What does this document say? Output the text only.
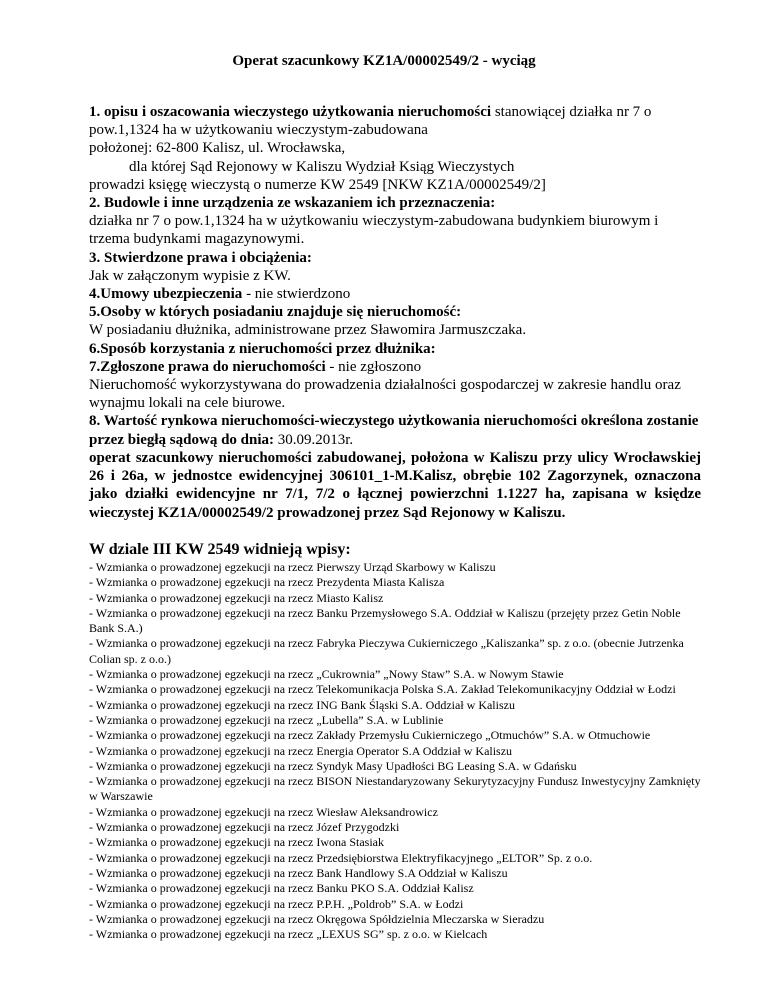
Operat szacunkowy KZ1A/00002549/2 - wyciąg
1. opisu i oszacowania wieczystego użytkowania nieruchomości stanowiącej działka nr 7 o
pow.1,1324 ha w użytkowaniu wieczystym-zabudowana
położonej: 62-800 Kalisz, ul. Wrocławska,
dla której Sąd Rejonowy w Kaliszu Wydział Ksiąg Wieczystych
prowadzi księgę wieczystą o numerze KW 2549 [NKW KZ1A/00002549/2]
2. Budowle i inne urządzenia ze wskazaniem ich przeznaczenia:
działka nr 7 o pow.1,1324 ha w użytkowaniu wieczystym-zabudowana budynkiem biurowym i
trzema budynkami magazynowymi.
3. Stwierdzone prawa i obciążenia:
Jak w załączonym wypisie z KW.
4.Umowy ubezpieczenia - nie stwierdzono
5.Osoby w których posiadaniu znajduje się nieruchomość:
W posiadaniu dłużnika, administrowane przez Sławomira Jarmuszczaka.
6.Sposób korzystania z nieruchomości przez dłużnika:
7.Zgłoszone prawa do nieruchomości - nie zgłoszono
Nieruchomość wykorzystywana do prowadzenia działalności gospodarczej w zakresie handlu oraz
wynajmu lokali na cele biurowe.
8. Wartość rynkowa nieruchomości-wieczystego użytkowania nieruchomości określona zostanie
przez biegłą sądową do dnia: 30.09.2013r.
operat szacunkowy nieruchomości zabudowanej, położona w Kaliszu przy ulicy Wrocławskiej 26 i 26a, w jednostce ewidencyjnej 306101_1-M.Kalisz, obrębie 102 Zagorzynek, oznaczona jako działki ewidencyjne nr 7/1, 7/2 o łącznej powierzchni 1.1227 ha, zapisana w księdze wieczystej KZ1A/00002549/2 prowadzonej przez Sąd Rejonowy w Kaliszu.
W dziale III KW 2549 widnieją wpisy:
- Wzmianka o prowadzonej egzekucji na rzecz Pierwszy Urząd Skarbowy w Kaliszu
- Wzmianka o prowadzonej egzekucji na rzecz Prezydenta Miasta Kalisza
- Wzmianka o prowadzonej egzekucji na rzecz Miasto Kalisz
- Wzmianka o prowadzonej egzekucji na rzecz Banku Przemysłowego S.A. Oddział w Kaliszu (przejęty przez Getin Noble Bank S.A.)
- Wzmianka o prowadzonej egzekucji na rzecz Fabryka Pieczywa Cukierniczego „Kaliszanka” sp. z o.o. (obecnie Jutrzenka Colian sp. z o.o.)
- Wzmianka o prowadzonej egzekucji na rzecz „Cukrownia” „Nowy Staw” S.A. w Nowym Stawie
- Wzmianka o prowadzonej egzekucji na rzecz Telekomunikacja Polska S.A. Zakład Telekomunikacyjny Oddział w Łodzi
- Wzmianka o prowadzonej egzekucji na rzecz ING Bank Śląski S.A. Oddział w Kaliszu
- Wzmianka o prowadzonej egzekucji na rzecz „Lubella” S.A. w Lublinie
- Wzmianka o prowadzonej egzekucji na rzecz Zakłady Przemysłu Cukierniczego „Otmuchów” S.A. w Otmuchowie
- Wzmianka o prowadzonej egzekucji na rzecz Energia Operator S.A Oddział w Kaliszu
- Wzmianka o prowadzonej egzekucji na rzecz Syndyk Masy Upadłości BG Leasing S.A. w Gdańsku
- Wzmianka o prowadzonej egzekucji na rzecz BISON Niestandaryzowany Sekurytyzacyjny Fundusz Inwestycyjny Zamknięty w Warszawie
- Wzmianka o prowadzonej egzekucji na rzecz Wiesław Aleksandrowicz
- Wzmianka o prowadzonej egzekucji na rzecz Józef Przygodzki
- Wzmianka o prowadzonej egzekucji na rzecz Iwona Stasiak
- Wzmianka o prowadzonej egzekucji na rzecz Przedsiębiorstwa Elektryfikacyjnego „ELTOR” Sp. z o.o.
- Wzmianka o prowadzonej egzekucji na rzecz Bank Handlowy S.A Oddział w Kaliszu
- Wzmianka o prowadzonej egzekucji na rzecz Banku PKO S.A. Oddział Kalisz
- Wzmianka o prowadzonej egzekucji na rzecz P.P.H. „Poldrob” S.A. w Łodzi
- Wzmianka o prowadzonej egzekucji na rzecz Okręgowa Spółdzielnia Mleczarska w Sieradzu
- Wzmianka o prowadzonej egzekucji na rzecz „LEXUS SG” sp. z o.o. w Kielcach
